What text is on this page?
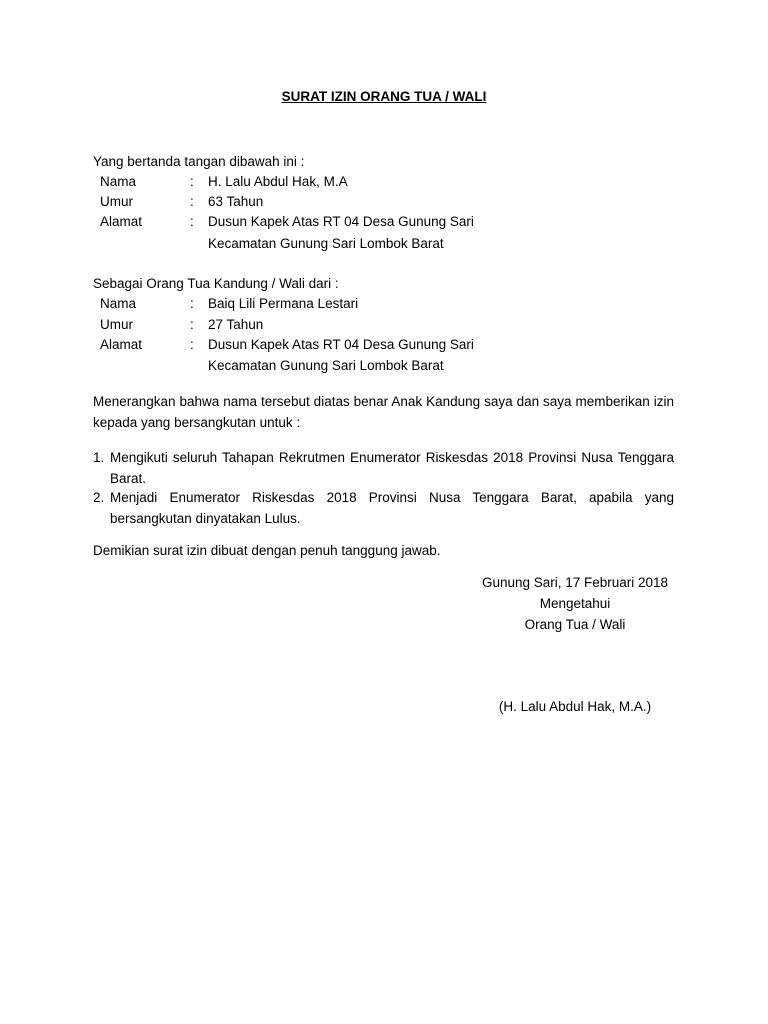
SURAT IZIN ORANG TUA / WALI
Yang bertanda tangan dibawah ini :
Nama	: H. Lalu Abdul Hak, M.A
Umur	: 63 Tahun
Alamat	: Dusun Kapek Atas RT 04 Desa Gunung Sari
Kecamatan Gunung Sari Lombok Barat
Sebagai Orang Tua Kandung / Wali dari :
Nama	: Baiq Lili Permana Lestari
Umur	: 27 Tahun
Alamat	: Dusun Kapek Atas RT 04 Desa Gunung Sari
Kecamatan Gunung Sari Lombok Barat
Menerangkan bahwa nama tersebut diatas benar Anak Kandung saya dan saya memberikan izin kepada yang bersangkutan untuk :
1. Mengikuti seluruh Tahapan Rekrutmen Enumerator Riskesdas 2018 Provinsi Nusa Tenggara Barat.
2. Menjadi Enumerator Riskesdas 2018 Provinsi Nusa Tenggara Barat, apabila yang bersangkutan dinyatakan Lulus.
Demikian surat izin dibuat dengan penuh tanggung jawab.
Gunung Sari, 17 Februari 2018
Mengetahui
Orang Tua / Wali
(H. Lalu Abdul Hak, M.A.)
